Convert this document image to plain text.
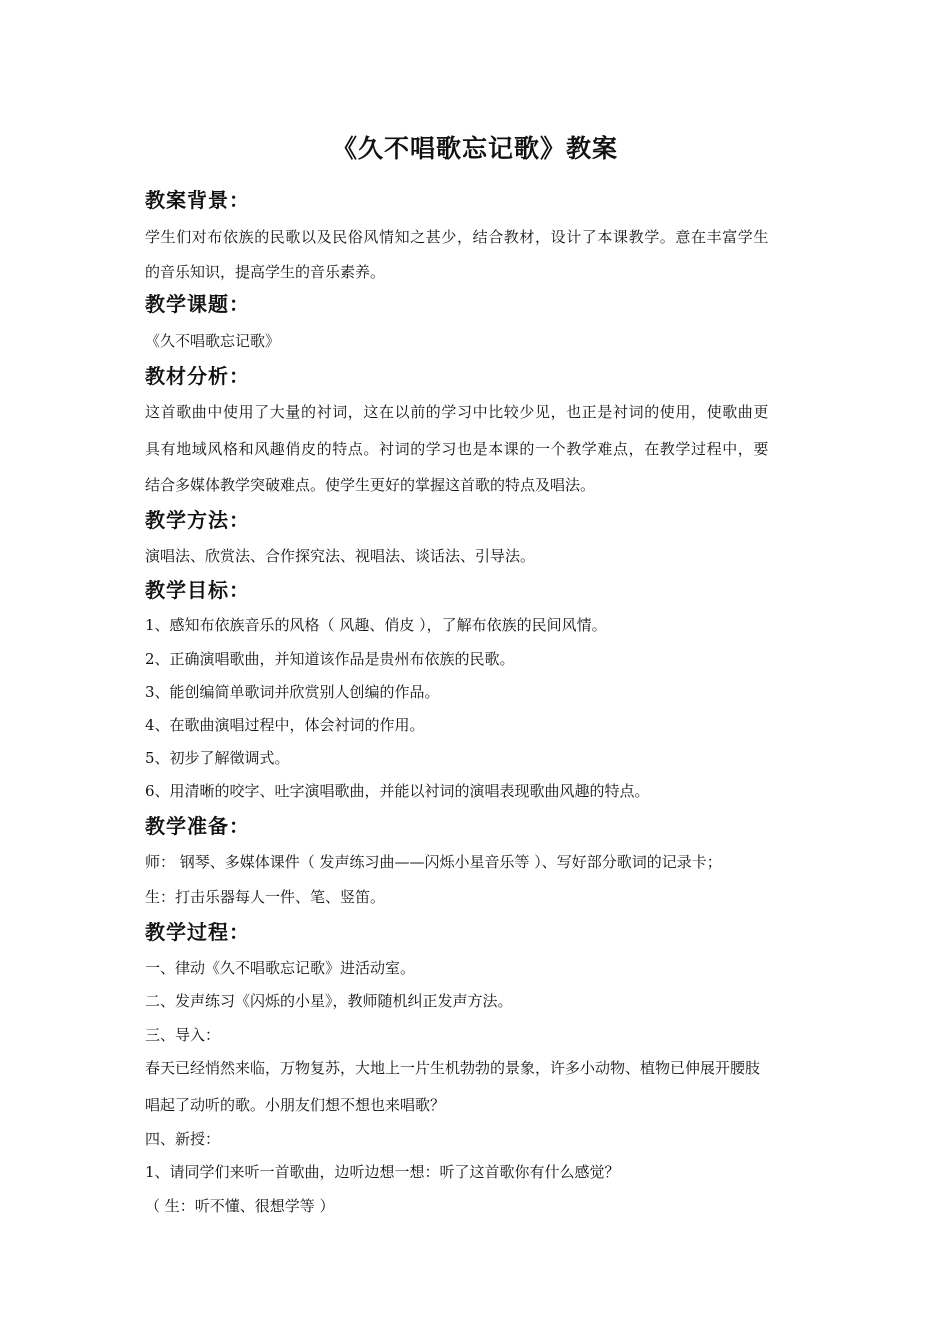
《久不唱歌忘记歌》教案
教案背景：
学生们对布依族的民歌以及民俗风情知之甚少，结合教材，设计了本课教学。意在丰富学生
的音乐知识，提高学生的音乐素养。
教学课题：
《久不唱歌忘记歌》
教材分析：
这首歌曲中使用了大量的衬词，这在以前的学习中比较少见，也正是衬词的使用，使歌曲更
具有地域风格和风趣俏皮的特点。衬词的学习也是本课的一个教学难点，在教学过程中，要
结合多媒体教学突破难点。使学生更好的掌握这首歌的特点及唱法。
教学方法：
演唱法、欣赏法、合作探究法、视唱法、谈话法、引导法。
教学目标：
1、感知布依族音乐的风格（ 风趣、俏皮 ），了解布依族的民间风情。
2、正确演唱歌曲，并知道该作品是贵州布依族的民歌。
3、能创编简单歌词并欣赏别人创编的作品。
4、在歌曲演唱过程中，体会衬词的作用。
5、初步了解徵调式。
6、用清晰的咬字、吐字演唱歌曲，并能以衬词的演唱表现歌曲风趣的特点。
教学准备：
师： 钢琴、多媒体课件（ 发声练习曲——闪烁小星音乐等 ）、写好部分歌词的记录卡；
生：打击乐器每人一件、笔、竖笛。
教学过程：
一、律动《久不唱歌忘记歌》进活动室。
二、发声练习《闪烁的小星》，教师随机纠正发声方法。
三、导入：
春天已经悄然来临，万物复苏，大地上一片生机勃勃的景象，许多小动物、植物已伸展开腰肢
唱起了动听的歌。小朋友们想不想也来唱歌？
四、新授：
1、请同学们来听一首歌曲，边听边想一想：听了这首歌你有什么感觉？
（ 生：听不懂、很想学等 ）
